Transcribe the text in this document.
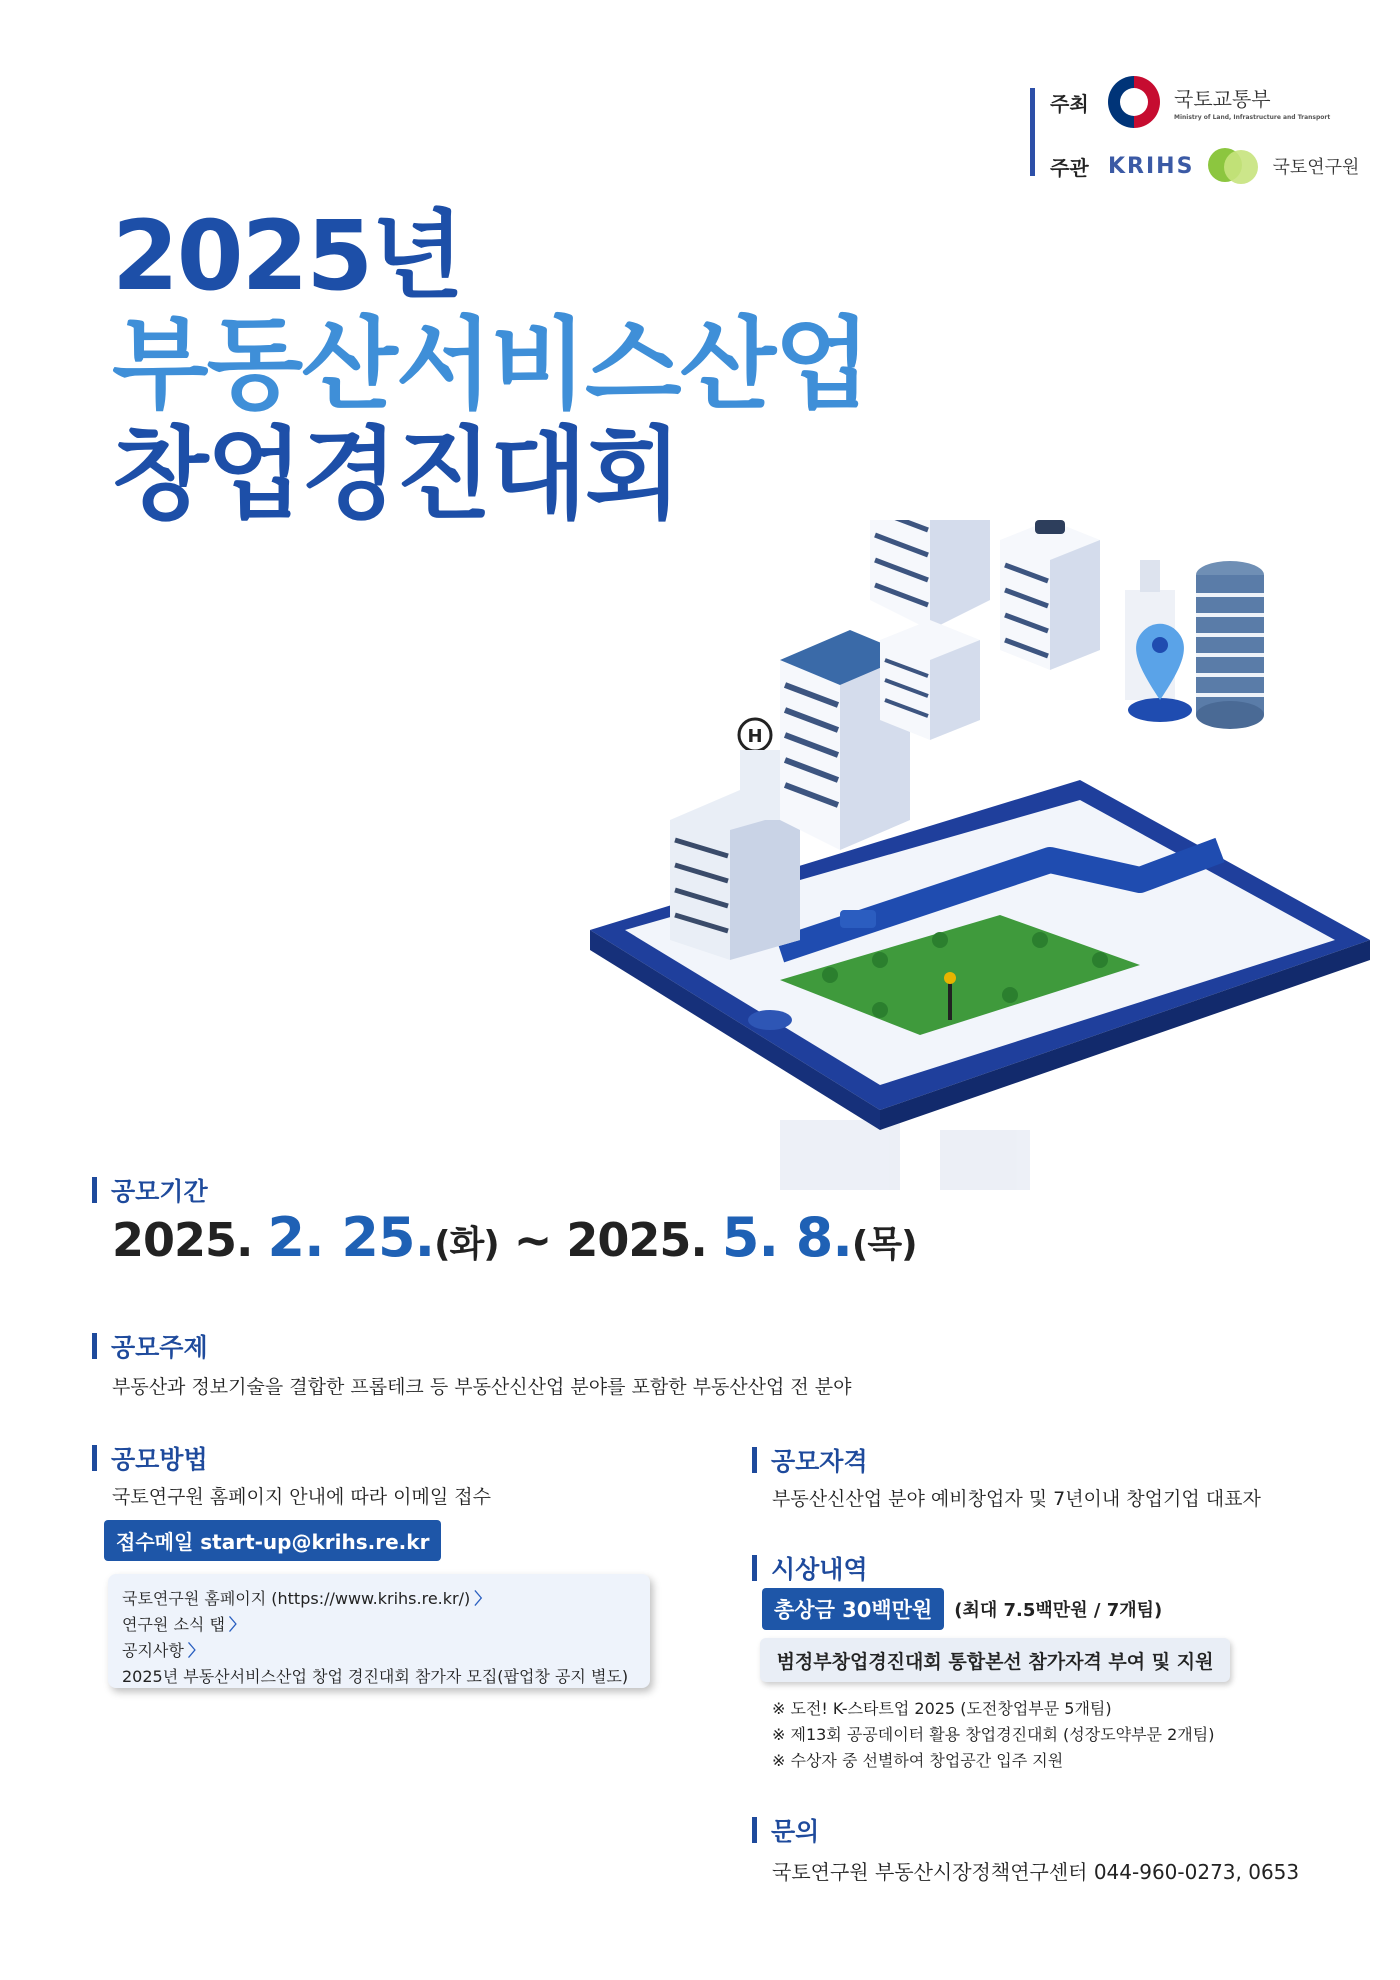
주최	국토교통부
Ministry of Land, Infrastructure and Transport
주관 KRIHS	국토연구원
2025년
부동산서비스산업
창업경진대회
H
공모기간
2025. 2. 25.(화) ~ 2025. 5. 8.(목)
공모주제
부동산과 정보기술을 결합한 프롭테크 등 부동산신산업 분야를 포함한 부동산산업 전 분야
공모방법
국토연구원 홈페이지 안내에 따라 이메일 접수
접수메일 start-up@krihs.re.kr
국토연구원 홈페이지 (https://www.krihs.re.kr/) 〉
연구원 소식 탭 〉
공지사항 〉
2025년 부동산서비스산업 창업 경진대회 참가자 모집(팝업창 공지 별도)
공모자격
부동산신산업 분야 예비창업자 및 7년이내 창업기업 대표자
시상내역
총상금 30백만원	(최대 7.5백만원 / 7개팀)
범정부창업경진대회 통합본선 참가자격 부여 및 지원
※ 도전! K-스타트업 2025 (도전창업부문 5개팀)
※ 제13회 공공데이터 활용 창업경진대회 (성장도약부문 2개팀)
※ 수상자 중 선별하여 창업공간 입주 지원
문의
국토연구원 부동산시장정책연구센터 044-960-0273, 0653
